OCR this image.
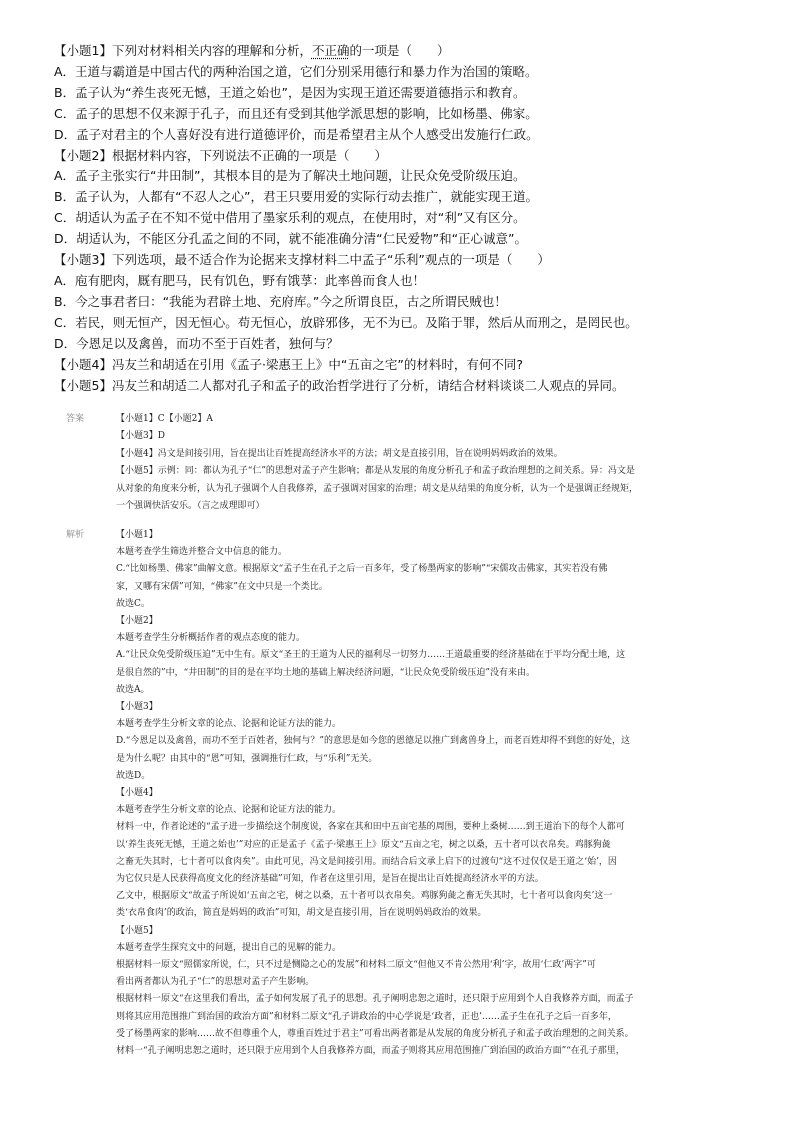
【小题1】下列对材料相关内容的理解和分析，不正确的一项是（　　）
A．王道与霸道是中国古代的两种治国之道，它们分别采用德行和暴力作为治国的策略。
B．孟子认为“养生丧死无憾，王道之始也”，是因为实现王道还需要道德指示和教育。
C．孟子的思想不仅来源于孔子，而且还有受到其他学派思想的影响，比如杨墨、佛家。
D．孟子对君主的个人喜好没有进行道德评价，而是希望君主从个人感受出发施行仁政。
【小题2】根据材料内容，下列说法不正确的一项是（　　）
A．孟子主张实行“井田制”，其根本目的是为了解决土地问题，让民众免受阶级压迫。
B．孟子认为，人都有“不忍人之心”，君王只要用爱的实际行动去推广，就能实现王道。
C．胡适认为孟子在不知不觉中借用了墨家乐利的观点，在使用时，对“利”又有区分。
D．胡适认为，不能区分孔孟之间的不同，就不能准确分清“仁民爱物”和“正心诚意”。
【小题3】下列选项，最不适合作为论据来支撑材料二中孟子“乐利”观点的一项是（　　）
A．庖有肥肉，厩有肥马，民有饥色，野有饿莩：此率兽而食人也！
B．今之事君者曰：“我能为君辟土地、充府库。”今之所谓良臣，古之所谓民贼也！
C．若民，则无恒产，因无恒心。苟无恒心，放辟邪侈，无不为已。及陷于罪，然后从而刑之，是罔民也。
D．今恩足以及禽兽，而功不至于百姓者，独何与？
【小题4】冯友兰和胡适在引用《孟子·梁惠王上》中“五亩之宅”的材料时，有何不同?
【小题5】冯友兰和胡适二人都对孔子和孟子的政治哲学进行了分析，请结合材料谈谈二人观点的异同。
答案	【小题1】C【小题2】A
【小题3】D
【小题4】冯文是间接引用，旨在提出让百姓提高经济水平的方法；胡文是直接引用，旨在说明妈妈政治的效果。
【小题5】示例：同：都认为孔子“仁”的思想对孟子产生影响；都是从发展的角度分析孔子和孟子政治理想的之间关系。异：冯文是
从对象的角度来分析，认为孔子强调个人自我修养，孟子强调对国家的治理；胡文是从结果的角度分析，认为一个是强调正经规矩，
一个强调快活安乐。（言之成理即可）
解析	【小题1】
本题考查学生筛选并整合文中信息的能力。
C.“比如杨墨、佛家”曲解文意。根据原文“孟子生在孔子之后一百多年，受了杨墨两家的影响”“宋儒攻击佛家，其实若没有佛
家，又哪有宋儒”可知，“佛家”在文中只是一个类比。
故选C。
【小题2】
本题考查学生分析概括作者的观点态度的能力。
A.“让民众免受阶级压迫”无中生有。原文“圣王的王道为人民的福利尽一切努力……王道最重要的经济基础在于平均分配土地，这
是很自然的”中，“井田制”的目的是在平均土地的基础上解决经济问题，“让民众免受阶级压迫”没有来由。
故选A。
【小题3】
本题考查学生分析文章的论点、论据和论证方法的能力。
D.“今恩足以及禽兽，而功不至于百姓者，独何与？”的意思是如今您的恩德足以推广到禽兽身上，而老百姓却得不到您的好处，这
是为什么呢？由其中的“恩”可知，强调推行仁政，与“乐利”无关。
故选D。
【小题4】
本题考查学生分析文章的论点、论据和论证方法的能力。
材料一中，作者论述的“孟子进一步描绘这个制度说，各家在其和田中五亩宅基的周围，要种上桑树……到王道治下的每个人都可
以‘养生丧死无憾，王道之始也’”对应的正是孟子《孟子·梁惠王上》原文“五亩之宅，树之以桑，五十者可以衣帛矣。鸡豚狗彘
之畜无失其时，七十者可以食肉矣”。由此可见，冯文是间接引用。而结合后文承上启下的过渡句“这不过仅仅是王道之‘始’，因
为它仅只是人民获得高度文化的经济基础”可知，作者在这里引用，是旨在提出让百姓提高经济水平的方法。
乙文中，根据原文“故孟子所说如‘五亩之宅，树之以桑，五十者可以衣帛矣。鸡豚狗彘之畜无失其时，七十者可以食肉矣’这一
类‘衣帛食肉’的政治，简直是妈妈的政治”可知，胡文是直接引用，旨在说明妈妈政治的效果。
【小题5】
本题考查学生探究文中的问题，提出自己的见解的能力。
根据材料一原文“照儒家所说，仁，只不过是恻隐之心的发展”和材料二原文“但他又不肯公然用‘利’字，故用‘仁政’两字”可
看出两者都认为孔子“仁”的思想对孟子产生影响。
根据材料一原文“在这里我们看出，孟子如何发展了孔子的思想。孔子阐明忠恕之道时，还只限于应用到个人自我修养方面，而孟子
则将其应用范围推广到治国的政治方面”和材料二原文“孔子讲政治的中心学说是‘政者，正也’……孟子生在孔子之后一百多年，
受了杨墨两家的影响……故不但尊重个人，尊重百姓过于君主”可看出两者都是从发展的角度分析孔子和孟子政治理想的之间关系。
材料一“孔子阐明忠恕之道时，还只限于应用到个人自我修养方面，而孟子则将其应用范围推广到治国的政治方面”“在孔子那里，
